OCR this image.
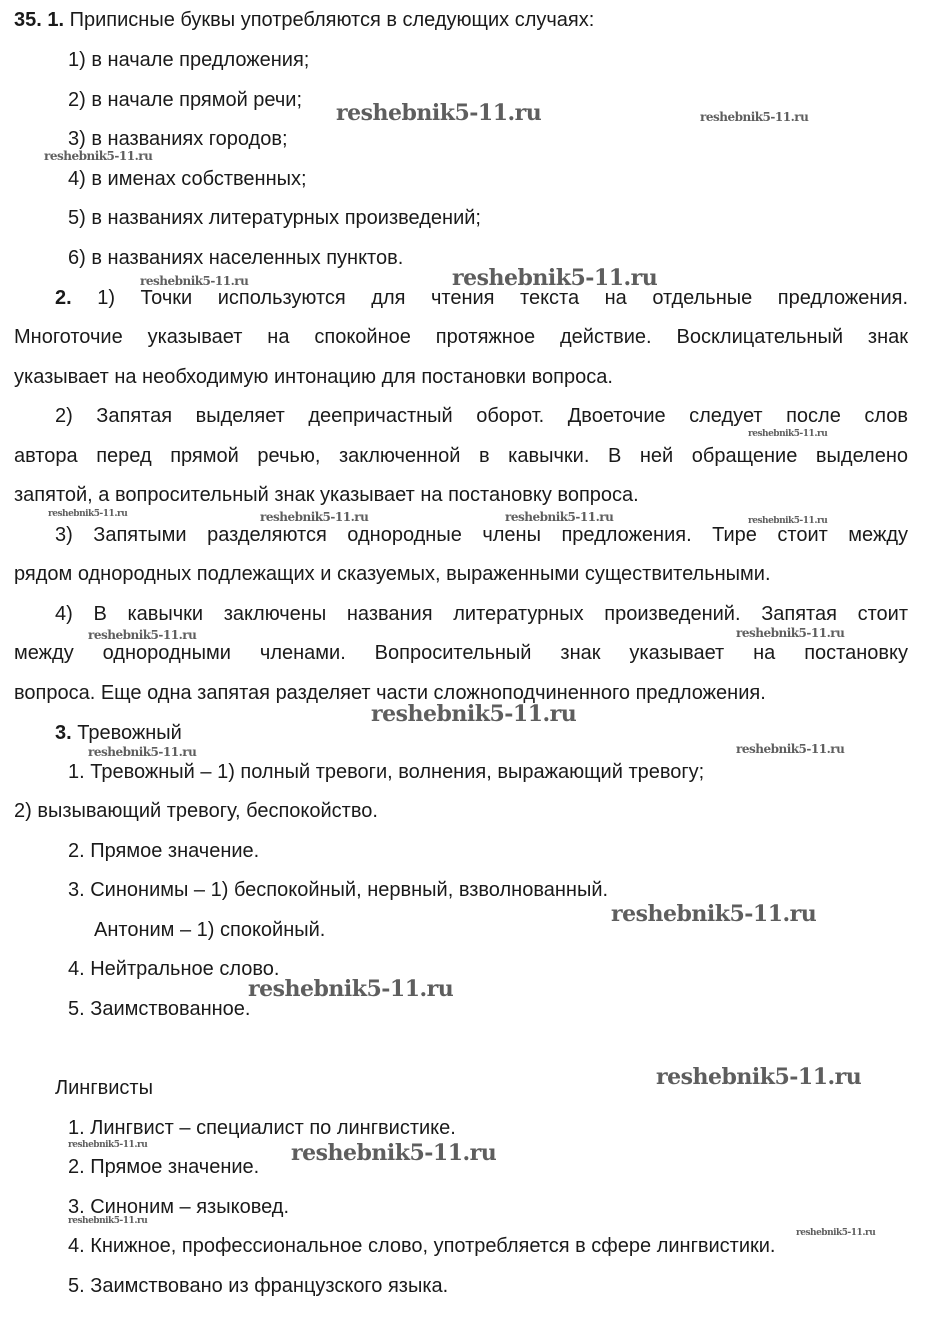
35. 1. Приписные буквы употребляются в следующих случаях:

1) в начале предложения;

2) в начале прямой речи;

3) в названиях городов;

4) в именах собственных;

5) в названиях литературных произведений;

6) в названиях населенных пунктов.

2. 1) Точки используются для чтения текста на отдельные предложения.

Многоточие указывает на спокойное протяжное действие. Восклицательный знак

указывает на необходимую интонацию для постановки вопроса.

2) Запятая выделяет деепричастный оборот. Двоеточие следует после слов

автора перед прямой речью, заключенной в кавычки. В ней обращение выделено

запятой, а вопросительный знак указывает на постановку вопроса.

3) Запятыми разделяются однородные члены предложения. Тире стоит между

рядом однородных подлежащих и сказуемых, выраженными существительными.

4) В кавычки заключены названия литературных произведений. Запятая стоит

между однородными членами. Вопросительный знак указывает на постановку

вопроса. Еще одна запятая разделяет части сложноподчиненного предложения.

3. Тревожный

1. Тревожный – 1) полный тревоги, волнения, выражающий тревогу;

2) вызывающий тревогу, беспокойство.

2. Прямое значение.

3. Синонимы – 1) беспокойный, нервный, взволнованный.

Антоним – 1) спокойный.

4. Нейтральное слово.

5. Заимствованное.

Лингвисты

1. Лингвист – специалист по лингвистике.

2. Прямое значение.

3. Синоним – языковед.

4. Книжное, профессиональное слово, употребляется в сфере лингвистики.

5. Заимствовано из французского языка.

reshebnik5-11.ru	reshebnik5-11.ru
reshebnik5-11.ru
reshebnik5-11.ru	reshebnik5-11.ru
reshebnik5-11.ru
reshebnik5-11.ru	reshebnik5-11.ru	reshebnik5-11.ru	reshebnik5-11.ru
reshebnik5-11.ru	reshebnik5-11.ru
reshebnik5-11.ru
reshebnik5-11.ru	reshebnik5-11.ru
reshebnik5-11.ru
reshebnik5-11.ru
reshebnik5-11.ru
reshebnik5-11.ru	reshebnik5-11.ru
reshebnik5-11.ru
reshebnik5-11.ru
